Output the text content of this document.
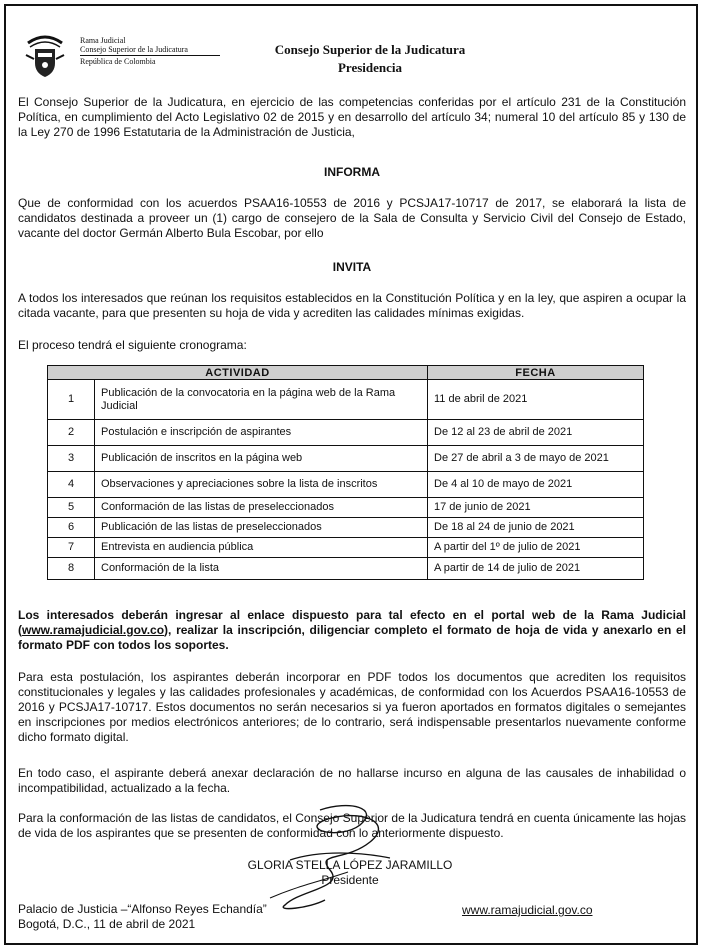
Rama Judicial
Consejo Superior de la Judicatura
República de Colombia
Consejo Superior de la Judicatura
Presidencia

El Consejo Superior de la Judicatura, en ejercicio de las competencias conferidas por el artículo 231 de la Constitución Política, en cumplimiento del Acto Legislativo 02 de 2015 y en desarrollo del artículo 34; numeral 10 del artículo 85 y 130 de la Ley 270 de 1996 Estatutaria de la Administración de Justicia,

INFORMA

Que de conformidad con los acuerdos PSAA16-10553 de 2016 y PCSJA17-10717 de 2017, se elaborará la lista de candidatos destinada a proveer un (1) cargo de consejero de la Sala de Consulta y Servicio Civil del Consejo de Estado, vacante del doctor Germán Alberto Bula Escobar, por ello

INVITA

A todos los interesados que reúnan los requisitos establecidos en la Constitución Política y en la ley, que aspiren a ocupar la citada vacante, para que presenten su hoja de vida y acrediten las calidades mínimas exigidas.

El proceso tendrá el siguiente cronograma:

ACTIVIDAD		FECHA
1	Publicación de la convocatoria en la página web de la Rama Judicial	11 de abril de 2021
2	Postulación e inscripción de aspirantes	De 12 al 23 de abril de 2021
3	Publicación de inscritos en la página web	De 27 de abril a 3 de mayo de 2021
4	Observaciones y apreciaciones sobre la lista de inscritos	De 4 al 10 de mayo de 2021
5	Conformación de las listas de preseleccionados	17 de junio de 2021
6	Publicación de las listas de preseleccionados	De 18 al 24 de junio de 2021
7	Entrevista en audiencia pública	A partir del 1º de julio de 2021
8	Conformación de la lista	A partir de 14 de julio de 2021

Los interesados deberán ingresar al enlace dispuesto para tal efecto en el portal web de la Rama Judicial (www.ramajudicial.gov.co), realizar la inscripción, diligenciar completo el formato de hoja de vida y anexarlo en el formato PDF con todos los soportes.

Para esta postulación, los aspirantes deberán incorporar en PDF todos los documentos que acrediten los requisitos constitucionales y legales y las calidades profesionales y académicas, de conformidad con los Acuerdos PSAA16-10553 de 2016 y PCSJA17-10717. Estos documentos no serán necesarios si ya fueron aportados en formatos digitales o semejantes en inscripciones por medios electrónicos anteriores; de lo contrario, será indispensable presentarlos nuevamente conforme dicho formato digital.

En todo caso, el aspirante deberá anexar declaración de no hallarse incurso en alguna de las causales de inhabilidad o incompatibilidad, actualizado a la fecha.

Para la conformación de las listas de candidatos, el Consejo Superior de la Judicatura tendrá en cuenta únicamente las hojas de vida de los aspirantes que se presenten de conformidad con lo anteriormente dispuesto.

GLORIA STELLA LÓPEZ JARAMILLO
Presidente
Palacio de Justicia –“Alfonso Reyes Echandía”
Bogotá, D.C., 11 de abril de 2021
www.ramajudicial.gov.co
